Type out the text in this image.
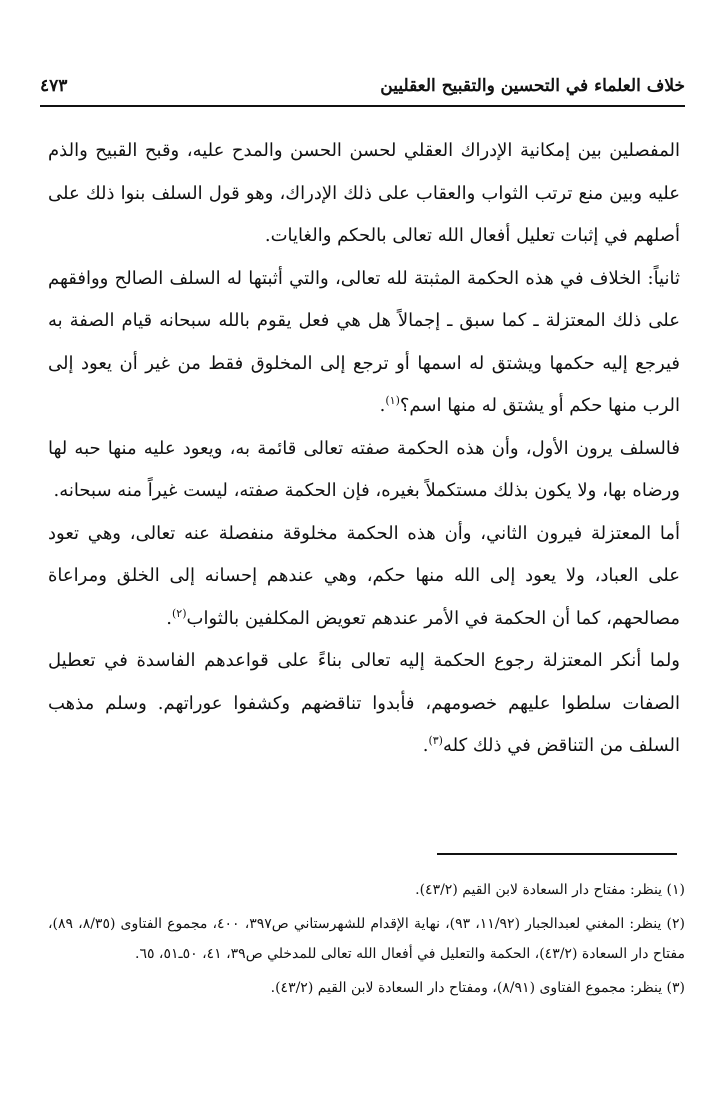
خلاف العلماء في التحسين والتقبيح العقليين
٤٧٣

المفصلين بين إمكانية الإدراك العقلي لحسن الحسن والمدح عليه، وقبح القبيح والذم عليه وبين منع ترتب الثواب والعقاب على ذلك الإدراك، وهو قول السلف بنوا ذلك على أصلهم في إثبات تعليل أفعال الله تعالى بالحكم والغايات.

ثانياً: الخلاف في هذه الحكمة المثبتة لله تعالى، والتي أثبتها له السلف الصالح ووافقهم على ذلك المعتزلة ـ كما سبق ـ إجمالاً هل هي فعل يقوم بالله سبحانه قيام الصفة به فيرجع إليه حكمها ويشتق له اسمها أو ترجع إلى المخلوق فقط من غير أن يعود إلى الرب منها حكم أو يشتق له منها اسم؟$^{(١)}$.

فالسلف يرون الأول، وأن هذه الحكمة صفته تعالى قائمة به، ويعود عليه منها حبه لها ورضاه بها، ولا يكون بذلك مستكملاً بغيره، فإن الحكمة صفته، ليست غيراً منه سبحانه.

أما المعتزلة فيرون الثاني، وأن هذه الحكمة مخلوقة منفصلة عنه تعالى، وهي تعود على العباد، ولا يعود إلى الله منها حكم، وهي عندهم إحسانه إلى الخلق ومراعاة مصالحهم، كما أن الحكمة في الأمر عندهم تعويض المكلفين بالثواب$^{(٢)}$.

ولما أنكر المعتزلة رجوع الحكمة إليه تعالى بناءً على قواعدهم الفاسدة في تعطيل الصفات سلطوا عليهم خصومهم، فأبدوا تناقضهم وكشفوا عوراتهم. وسلم مذهب السلف من التناقض في ذلك كله$^{(٣)}$.

(١) ينظر: مفتاح دار السعادة لابن القيم (٤٣/٢).

(٢) ينظر: المغني لعبدالجبار (١١/٩٢، ٩٣)، نهاية الإقدام للشهرستاني ص٣٩٧، ٤٠٠، مجموع الفتاوى (٨/٣٥، ٨٩)، مفتاح دار السعادة (٤٣/٢)، الحكمة والتعليل في أفعال الله تعالى للمدخلي ص٣٩، ٤١، ٥٠ـ٥١، ٦٥.

(٣) ينظر: مجموع الفتاوى (٨/٩١)، ومفتاح دار السعادة لابن القيم (٤٣/٢).
